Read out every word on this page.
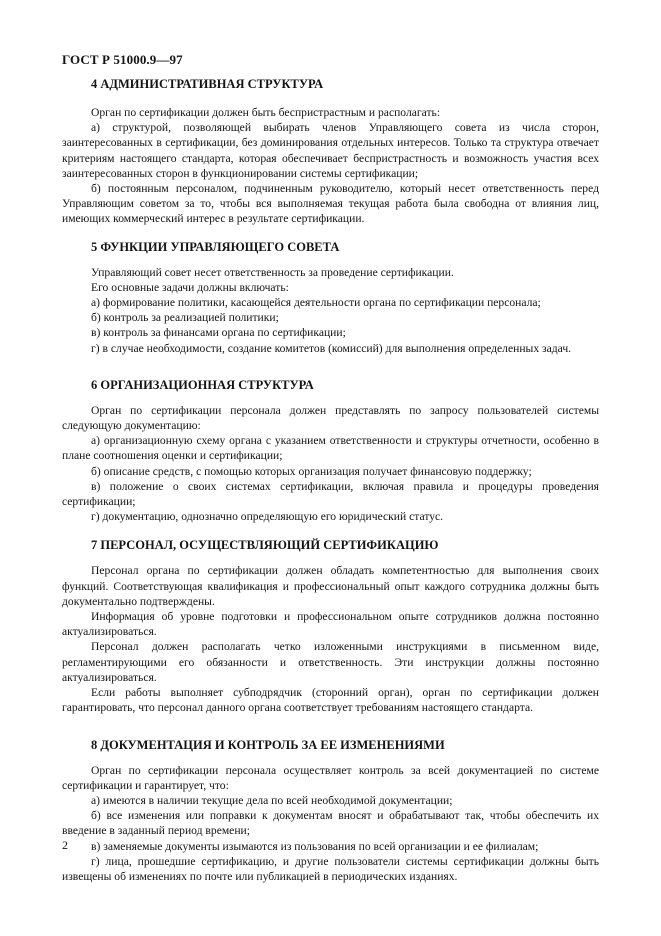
ГОСТ Р 51000.9—97
4 АДМИНИСТРАТИВНАЯ СТРУКТУРА

Орган по сертификации должен быть беспристрастным и располагать:

а) структурой, позволяющей выбирать членов Управляющего совета из числа сторон, заинтересованных в сертификации, без доминирования отдельных интересов. Только та структура отвечает критериям настоящего стандарта, которая обеспечивает беспристрастность и возможность участия всех заинтересованных сторон в функционировании системы сертификации;

б) постоянным персоналом, подчиненным руководителю, который несет ответственность перед Управляющим советом за то, чтобы вся выполняемая текущая работа была свободна от влияния лиц, имеющих коммерческий интерес в результате сертификации.

5 ФУНКЦИИ УПРАВЛЯЮЩЕГО СОВЕТА

Управляющий совет несет ответственность за проведение сертификации.

Его основные задачи должны включать:

а) формирование политики, касающейся деятельности органа по сертификации персонала;

б) контроль за реализацией политики;

в) контроль за финансами органа по сертификации;

г) в случае необходимости, создание комитетов (комиссий) для выполнения определенных задач.

6 ОРГАНИЗАЦИОННАЯ СТРУКТУРА

Орган по сертификации персонала должен представлять по запросу пользователей системы следующую документацию:

а) организационную схему органа с указанием ответственности и структуры отчетности, особенно в плане соотношения оценки и сертификации;

б) описание средств, с помощью которых организация получает финансовую поддержку;

в) положение о своих системах сертификации, включая правила и процедуры проведения сертификации;

г) документацию, однозначно определяющую его юридический статус.

7 ПЕРСОНАЛ, ОСУЩЕСТВЛЯЮЩИЙ СЕРТИФИКАЦИЮ

Персонал органа по сертификации должен обладать компетентностью для выполнения своих функций. Соответствующая квалификация и профессиональный опыт каждого сотрудника должны быть документально подтверждены.

Информация об уровне подготовки и профессиональном опыте сотрудников должна постоянно актуализироваться.

Персонал должен располагать четко изложенными инструкциями в письменном виде, регламентирующими его обязанности и ответственность. Эти инструкции должны постоянно актуализироваться.

Если работы выполняет субподрядчик (сторонний орган), орган по сертификации должен гарантировать, что персонал данного органа соответствует требованиям настоящего стандарта.

8 ДОКУМЕНТАЦИЯ И КОНТРОЛЬ ЗА ЕЕ ИЗМЕНЕНИЯМИ

Орган по сертификации персонала осуществляет контроль за всей документацией по системе сертификации и гарантирует, что:

а) имеются в наличии текущие дела по всей необходимой документации;

б) все изменения или поправки к документам вносят и обрабатывают так, чтобы обеспечить их введение в заданный период времени;

в) заменяемые документы изымаются из пользования по всей организации и ее филиалам;

г) лица, прошедшие сертификацию, и другие пользователи системы сертификации должны быть извещены об изменениях по почте или публикацией в периодических изданиях.

2
